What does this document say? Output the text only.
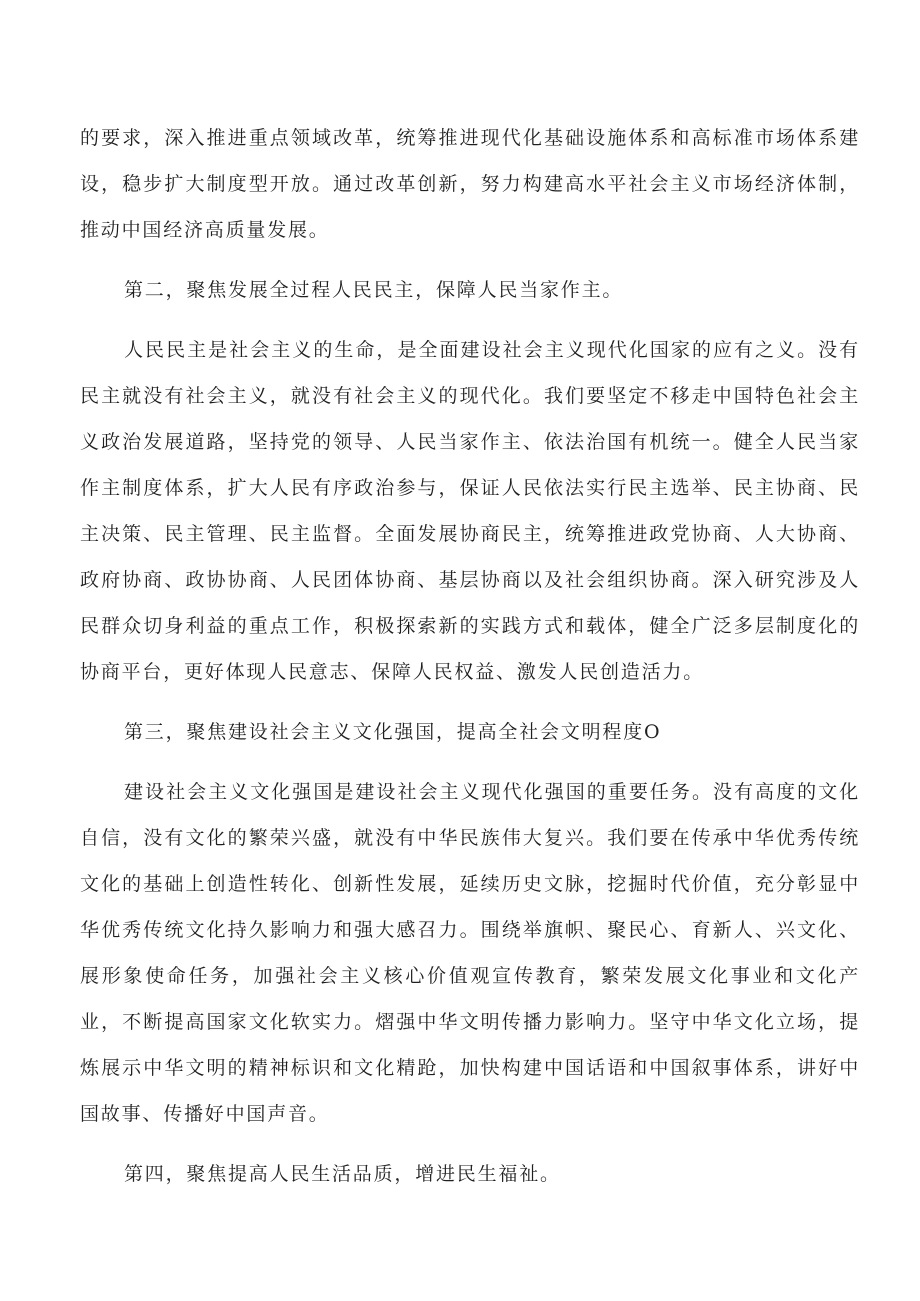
的要求，深入推进重点领域改革，统筹推进现代化基础设施体系和高标准市场体系建设，稳步扩大制度型开放。通过改革创新，努力构建高水平社会主义市场经济体制，推动中国经济高质量发展。

第二，聚焦发展全过程人民民主，保障人民当家作主。

人民民主是社会主义的生命，是全面建设社会主义现代化国家的应有之义。没有民主就没有社会主义，就没有社会主义的现代化。我们要坚定不移走中国特色社会主义政治发展道路，坚持党的领导、人民当家作主、依法治国有机统一。健全人民当家作主制度体系，扩大人民有序政治参与，保证人民依法实行民主选举、民主协商、民主决策、民主管理、民主监督。全面发展协商民主，统筹推进政党协商、人大协商、政府协商、政协协商、人民团体协商、基层协商以及社会组织协商。深入研究涉及人民群众切身利益的重点工作，积极探索新的实践方式和载体，健全广泛多层制度化的协商平台，更好体现人民意志、保障人民权益、激发人民创造活力。

第三，聚焦建设社会主义文化强国，提高全社会文明程度O

建设社会主义文化强国是建设社会主义现代化强国的重要任务。没有高度的文化自信，没有文化的繁荣兴盛，就没有中华民族伟大复兴。我们要在传承中华优秀传统文化的基础上创造性转化、创新性发展，延续历史文脉，挖掘时代价值，充分彰显中华优秀传统文化持久影响力和强大感召力。围绕举旗帜、聚民心、育新人、兴文化、展形象使命任务，加强社会主义核心价值观宣传教育，繁荣发展文化事业和文化产业，不断提高国家文化软实力。熠强中华文明传播力影响力。坚守中华文化立场，提炼展示中华文明的精神标识和文化精跄，加快构建中国话语和中国叙事体系，讲好中国故事、传播好中国声音。

第四，聚焦提高人民生活品质，增进民生福祉。
